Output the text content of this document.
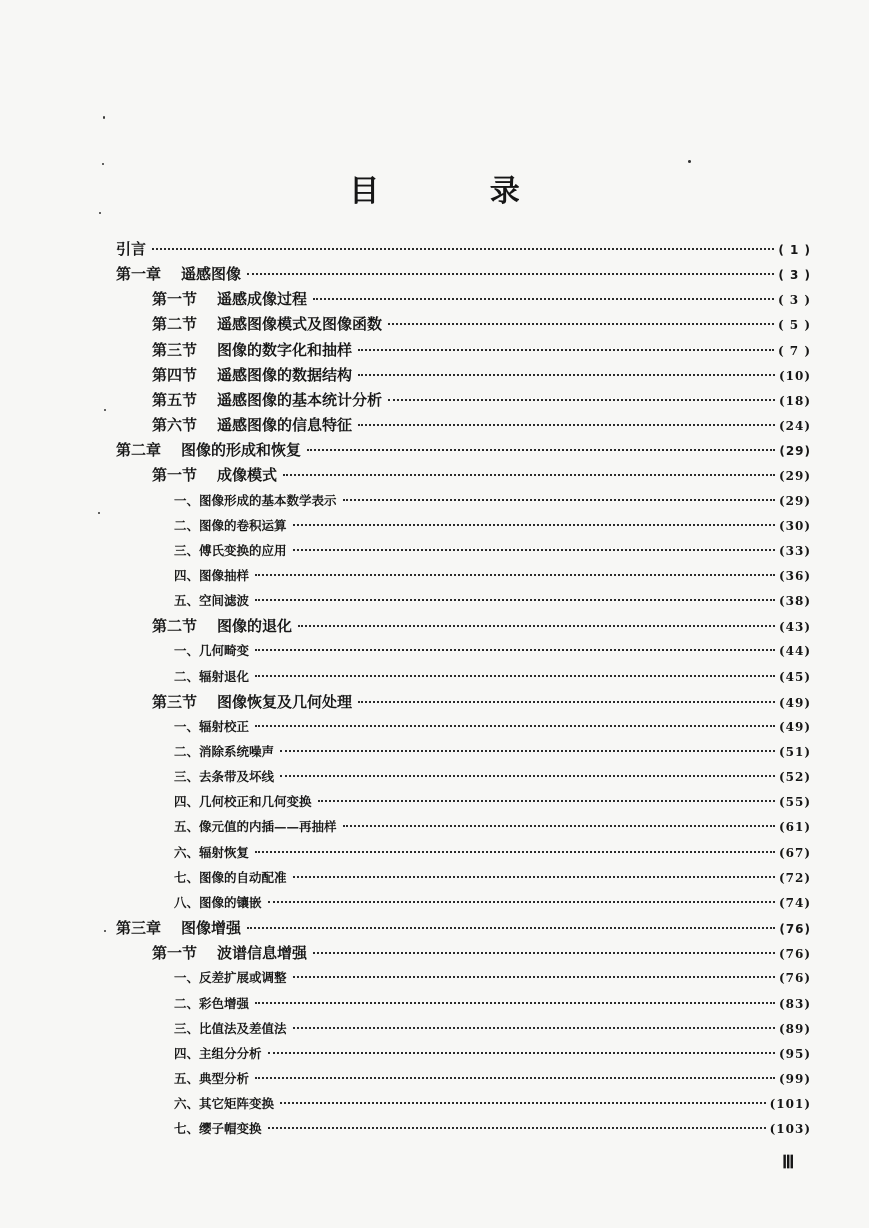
目 录
引言	( 1 )
第一章 遥感图像	( 3 )
第一节 遥感成像过程	( 3 )
第二节 遥感图像模式及图像函数	( 5 )
第三节 图像的数字化和抽样	( 7 )
第四节 遥感图像的数据结构	(10)
第五节 遥感图像的基本统计分析	(18)
第六节 遥感图像的信息特征	(24)
第二章 图像的形成和恢复	(29)
第一节 成像模式	(29)
一、图像形成的基本数学表示	(29)
二、图像的卷积运算	(30)
三、傅氏变换的应用	(33)
四、图像抽样	(36)
五、空间滤波	(38)
第二节 图像的退化	(43)
一、几何畸变	(44)
二、辐射退化	(45)
第三节 图像恢复及几何处理	(49)
一、辐射校正	(49)
二、消除系统噪声	(51)
三、去条带及坏线	(52)
四、几何校正和几何变换	(55)
五、像元值的内插——再抽样	(61)
六、辐射恢复	(67)
七、图像的自动配准	(72)
八、图像的镶嵌	(74)
第三章 图像增强	(76)
第一节 波谱信息增强	(76)
一、反差扩展或调整	(76)
二、彩色增强	(83)
三、比值法及差值法	(89)
四、主组分分析	(95)
五、典型分析	(99)
六、其它矩阵变换	(101)
七、缨子帽变换	(103)
Ⅲ
